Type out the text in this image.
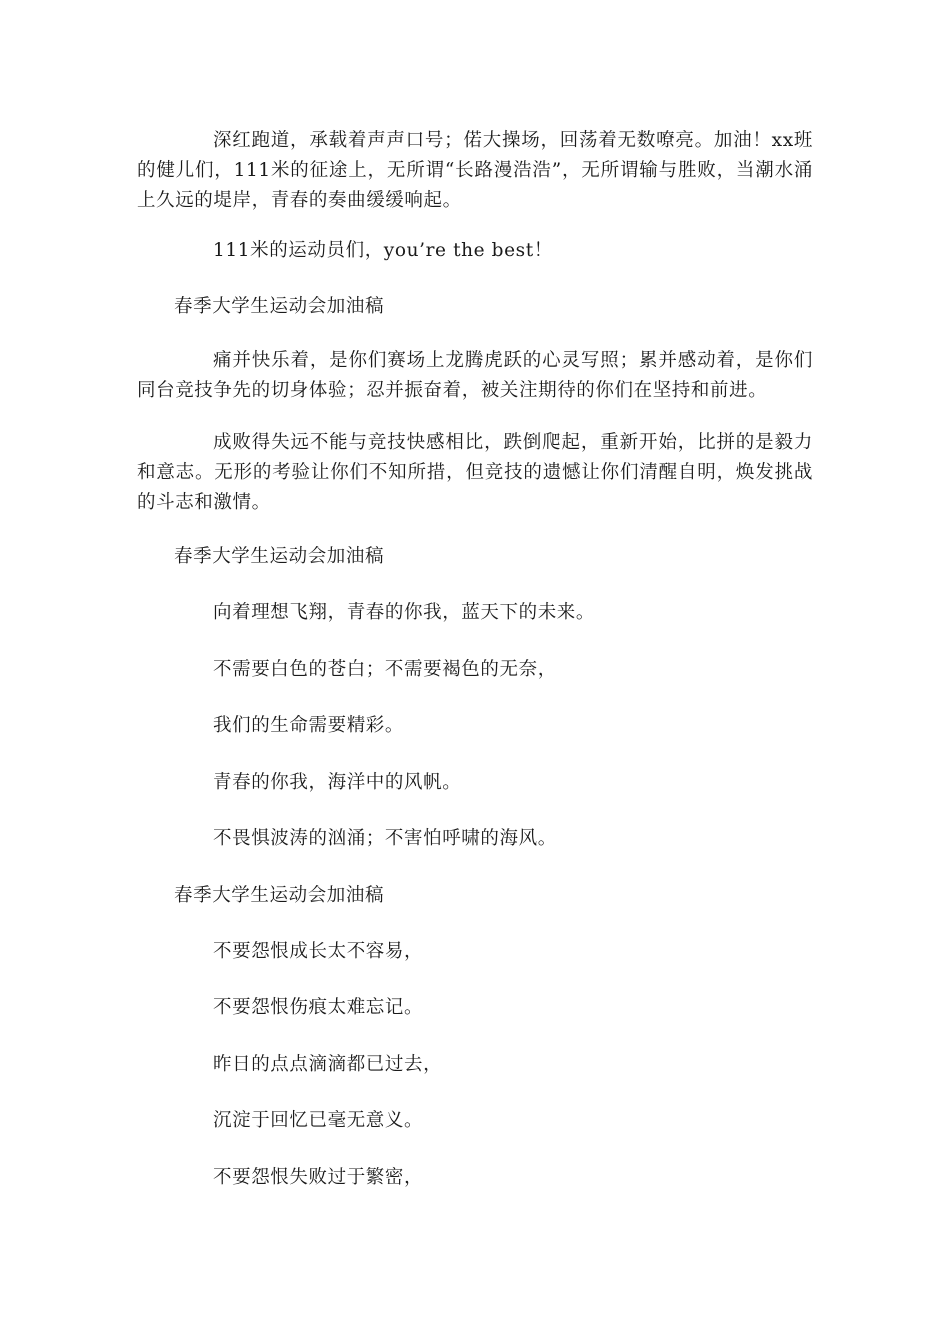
深红跑道，承载着声声口号；偌大操场，回荡着无数嘹亮。加油！xx班的健儿们，111米的征途上，无所谓“长路漫浩浩”，无所谓输与胜败，当潮水涌上久远的堤岸，青春的奏曲缓缓响起。

111米的运动员们，you’re the best！

春季大学生运动会加油稿

痛并快乐着，是你们赛场上龙腾虎跃的心灵写照；累并感动着，是你们同台竞技争先的切身体验；忍并振奋着，被关注期待的你们在坚持和前进。

成败得失远不能与竞技快感相比，跌倒爬起，重新开始，比拼的是毅力和意志。无形的考验让你们不知所措，但竞技的遗憾让你们清醒自明，焕发挑战的斗志和激情。

春季大学生运动会加油稿

向着理想飞翔，青春的你我，蓝天下的未来。

不需要白色的苍白；不需要褐色的无奈，

我们的生命需要精彩。

青春的你我，海洋中的风帆。

不畏惧波涛的汹涌；不害怕呼啸的海风。

春季大学生运动会加油稿

不要怨恨成长太不容易，

不要怨恨伤痕太难忘记。

昨日的点点滴滴都已过去，

沉淀于回忆已毫无意义。

不要怨恨失败过于繁密，
